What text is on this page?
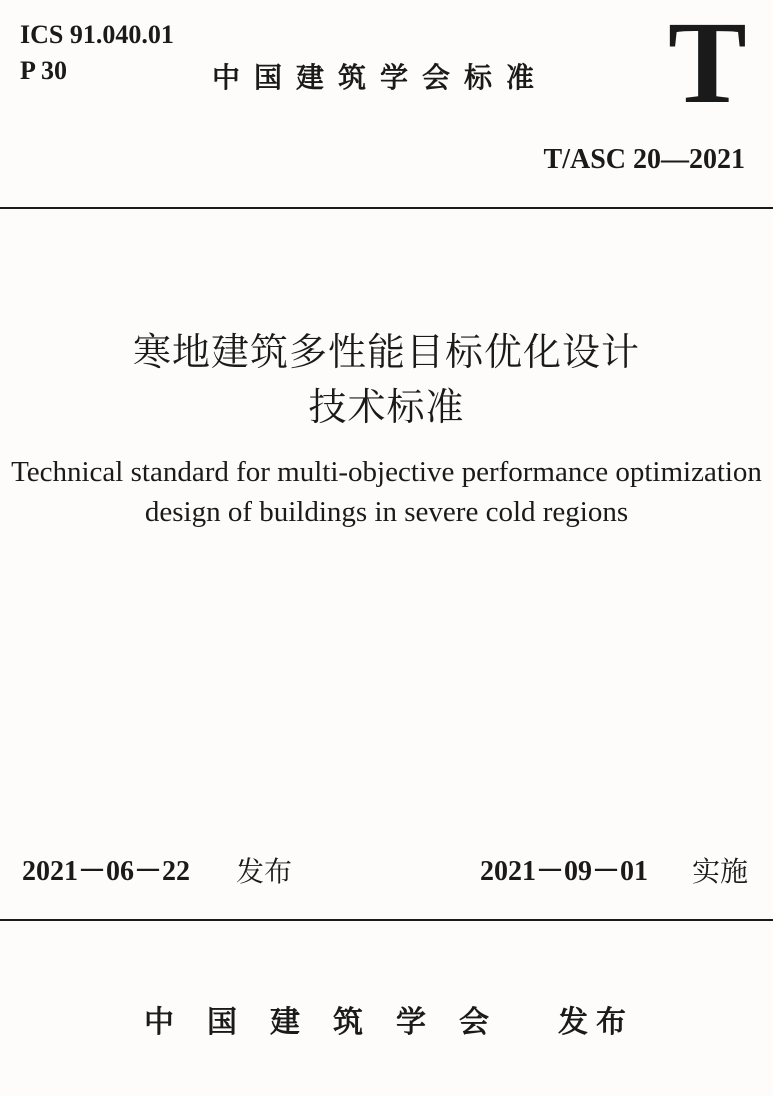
ICS 91.040.01
P 30	中国建筑学会标准 T
T/ASC 20—2021
寒地建筑多性能目标优化设计
技术标准
Technical standard for multi-objective performance optimization
design of buildings in severe cold regions
2021－06－22 发布	2021－09－01 实施
中国建筑学会 发布
